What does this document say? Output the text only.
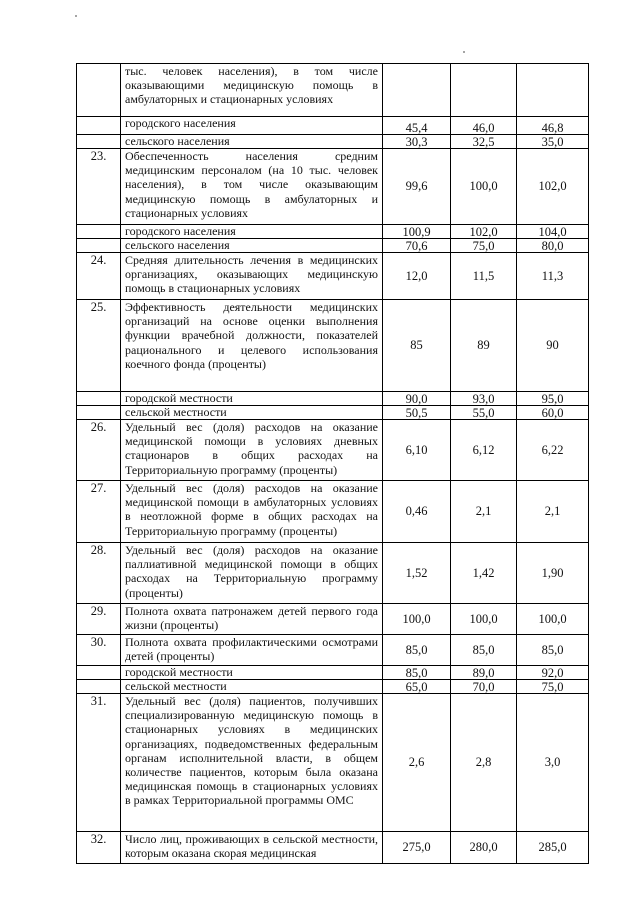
	тыс. человек населения), в том числе оказывающими медицинскую помощь в амбулаторных и стационарных условиях			
	городского населения	45,4	46,0	46,8
	сельского населения	30,3	32,5	35,0
23.	Обеспеченность населения средним медицинским персоналом (на 10 тыс. человек населения), в том числе оказывающим медицинскую помощь в амбулаторных и стационарных условиях	99,6	100,0	102,0
	городского населения	100,9	102,0	104,0
	сельского населения	70,6	75,0	80,0
24.	Средняя длительность лечения в медицинских организациях, оказывающих медицинскую помощь в стационарных условиях	12,0	11,5	11,3
25.	Эффективность деятельности медицинских организаций на основе оценки выполнения функции врачебной должности, показателей рационального и целевого использования коечного фонда (проценты)	85	89	90
	городской местности	90,0	93,0	95,0
	сельской местности	50,5	55,0	60,0
26.	Удельный вес (доля) расходов на оказание медицинской помощи в условиях дневных стационаров в общих расходах на Территориальную программу (проценты)	6,10	6,12	6,22
27.	Удельный вес (доля) расходов на оказание медицинской помощи в амбулаторных условиях в неотложной форме в общих расходах на Территориальную программу (проценты)	0,46	2,1	2,1
28.	Удельный вес (доля) расходов на оказание паллиативной медицинской помощи в общих расходах на Территориальную программу (проценты)	1,52	1,42	1,90
29.	Полнота охвата патронажем детей первого года жизни (проценты)	100,0	100,0	100,0
30.	Полнота охвата профилактическими осмотрами детей (проценты)	85,0	85,0	85,0
	городской местности	85,0	89,0	92,0
	сельской местности	65,0	70,0	75,0
31.	Удельный вес (доля) пациентов, получивших специализированную медицинскую помощь в стационарных условиях в медицинских организациях, подведомственных федеральным органам исполнительной власти, в общем количестве пациентов, которым была оказана медицинская помощь в стационарных условиях в рамках Территориальной программы ОМС	2,6	2,8	3,0
32.	Число лиц, проживающих в сельской местности, которым оказана скорая медицинская	275,0	280,0	285,0
